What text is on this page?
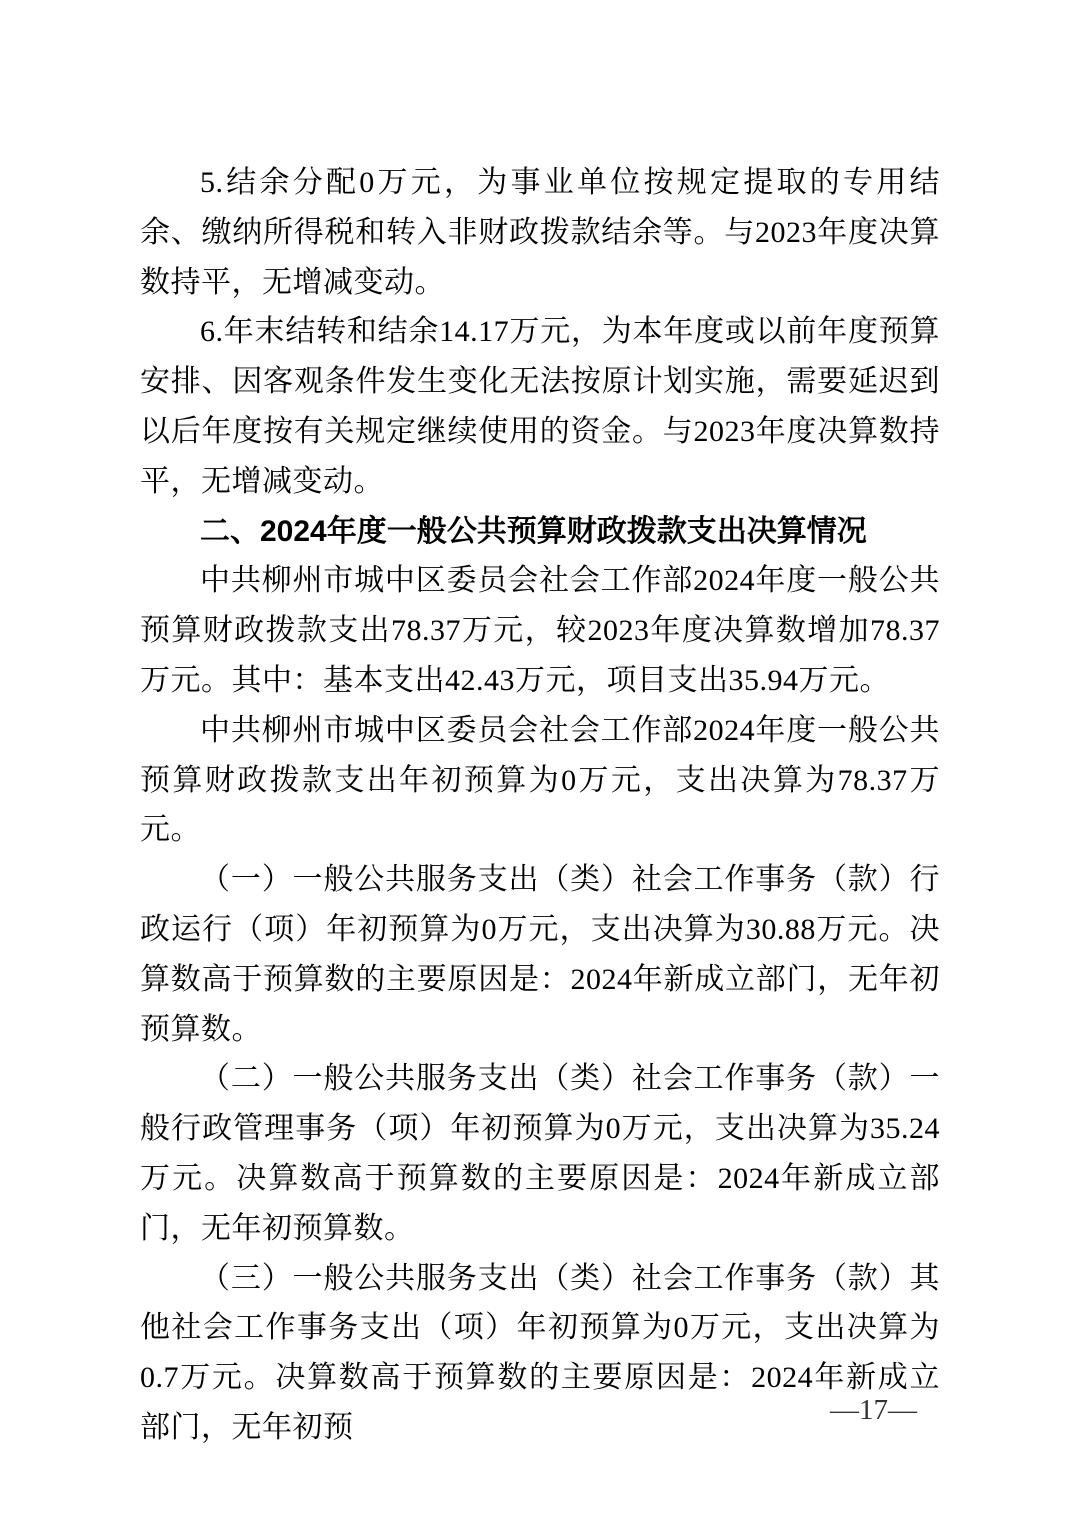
5.结余分配0万元，为事业单位按规定提取的专用结余、缴纳所得税和转入非财政拨款结余等。与2023年度决算数持平，无增减变动。

6.年末结转和结余14.17万元，为本年度或以前年度预算安排、因客观条件发生变化无法按原计划实施，需要延迟到以后年度按有关规定继续使用的资金。与2023年度决算数持平，无增减变动。

二、2024年度一般公共预算财政拨款支出决算情况

中共柳州市城中区委员会社会工作部2024年度一般公共预算财政拨款支出78.37万元，较2023年度决算数增加78.37万元。其中：基本支出42.43万元，项目支出35.94万元。

中共柳州市城中区委员会社会工作部2024年度一般公共预算财政拨款支出年初预算为0万元，支出决算为78.37万元。

（一）一般公共服务支出（类）社会工作事务（款）行政运行（项）年初预算为0万元，支出决算为30.88万元。决算数高于预算数的主要原因是：2024年新成立部门，无年初预算数。

（二）一般公共服务支出（类）社会工作事务（款）一般行政管理事务（项）年初预算为0万元，支出决算为35.24万元。决算数高于预算数的主要原因是：2024年新成立部门，无年初预算数。

（三）一般公共服务支出（类）社会工作事务（款）其他社会工作事务支出（项）年初预算为0万元，支出决算为0.7万元。决算数高于预算数的主要原因是：2024年新成立部门，无年初预

—17—
